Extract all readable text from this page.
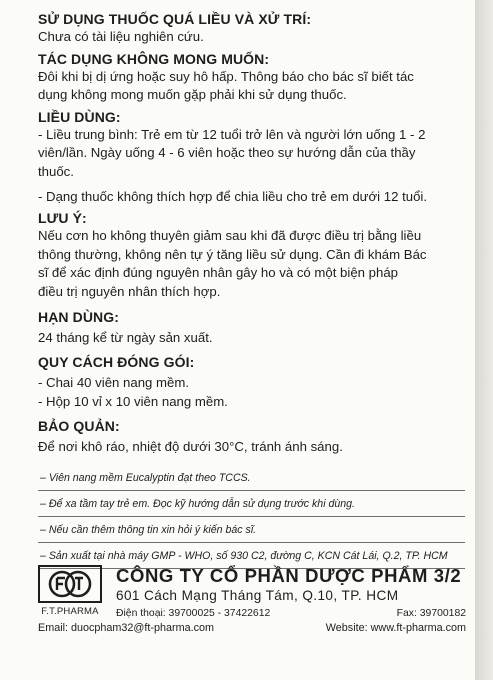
SỬ DỤNG THUỐC QUÁ LIỀU VÀ XỬ TRÍ:
Chưa có tài liệu nghiên cứu.
TÁC DỤNG KHÔNG MONG MUỐN:
Đôi khi bị dị ứng hoặc suy hô hấp. Thông báo cho bác sĩ biết tác
dụng không mong muốn gặp phải khi sử dụng thuốc.
LIỀU DÙNG:
- Liều trung bình: Trẻ em từ 12 tuổi trở lên và người lớn uống 1 - 2
viên/lần. Ngày uống 4 - 6 viên hoặc theo sự hướng dẫn của thầy
thuốc.
- Dạng thuốc không thích hợp để chia liều cho trẻ em dưới 12 tuổi.
LƯU Ý:
Nếu cơn ho không thuyên giảm sau khi đã được điều trị bằng liều
thông thường, không nên tự ý tăng liều sử dụng. Cần đi khám Bác
sĩ để xác định đúng nguyên nhân gây ho và có một biện pháp
điều trị nguyên nhân thích hợp.
HẠN DÙNG:
24 tháng kể từ ngày sản xuất.
QUY CÁCH ĐÓNG GÓI:
- Chai 40 viên nang mềm.
- Hộp 10 vỉ x 10 viên nang mềm.
BẢO QUẢN:
Để nơi khô ráo, nhiệt độ dưới 30°C, tránh ánh sáng.
– Viên nang mềm Eucalyptin đạt theo TCCS.
– Để xa tầm tay trẻ em. Đọc kỹ hướng dẫn sử dụng trước khi dùng.
– Nếu cần thêm thông tin xin hỏi ý kiến bác sĩ.
– Sản xuất tại nhà máy GMP - WHO, số 930 C2, đường C, KCN Cát Lái, Q.2, TP. HCM
F.T.PHARMA
CÔNG TY CỔ PHẦN DƯỢC PHẨM 3/2
601 Cách Mạng Tháng Tám, Q.10, TP. HCM
Điện thoại: 39700025 - 37422612	Fax: 39700182
Email: duocpham32@ft-pharma.com	Website: www.ft-pharma.com
